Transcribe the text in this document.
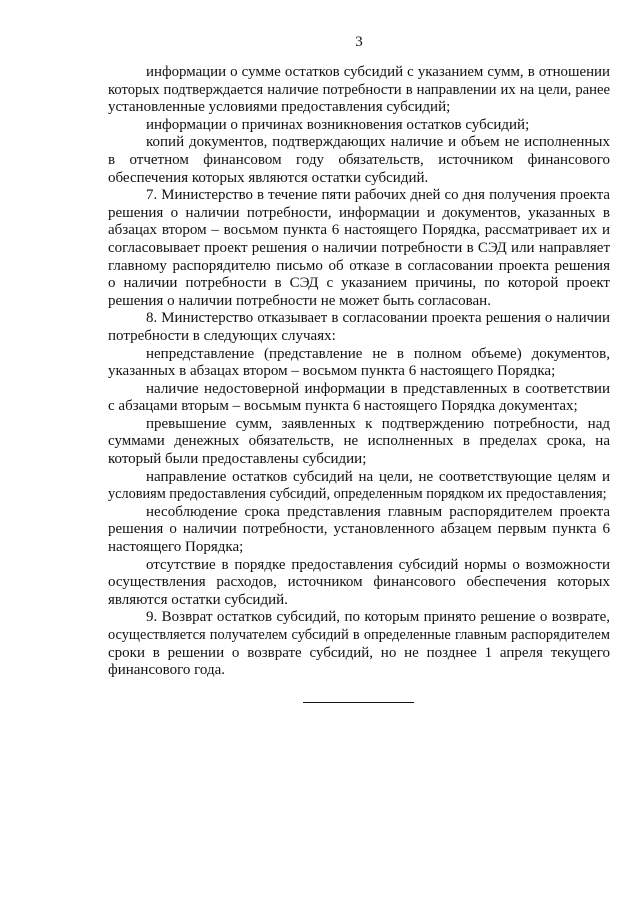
3
информации о сумме остатков субсидий с указанием сумм, в отношении
которых подтверждается наличие потребности в направлении их на цели, ранее
установленные условиями предоставления субсидий;
информации о причинах возникновения остатков субсидий;
копий документов, подтверждающих наличие и объем не исполненных
в отчетном финансовом году обязательств, источником финансового
обеспечения которых являются остатки субсидий.
7. Министерство в течение пяти рабочих дней со дня получения проекта
решения о наличии потребности, информации и документов, указанных в
абзацах втором – восьмом пункта 6 настоящего Порядка, рассматривает их и
согласовывает проект решения о наличии потребности в СЭД или направляет
главному распорядителю письмо об отказе в согласовании проекта решения
о наличии потребности в СЭД с указанием причины, по которой проект
решения о наличии потребности не может быть согласован.
8. Министерство отказывает в согласовании проекта решения о наличии
потребности в следующих случаях:
непредставление (представление не в полном объеме) документов,
указанных в абзацах втором – восьмом пункта 6 настоящего Порядка;
наличие недостоверной информации в представленных в соответствии
с абзацами вторым – восьмым пункта 6 настоящего Порядка документах;
превышение сумм, заявленных к подтверждению потребности, над
суммами денежных обязательств, не исполненных в пределах срока, на
который были предоставлены субсидии;
направление остатков субсидий на цели, не соответствующие целям и
условиям предоставления субсидий, определенным порядком их предоставления;
несоблюдение срока представления главным распорядителем проекта
решения о наличии потребности, установленного абзацем первым пункта 6
настоящего Порядка;
отсутствие в порядке предоставления субсидий нормы о возможности
осуществления расходов, источником финансового обеспечения которых
являются остатки субсидий.
9. Возврат остатков субсидий, по которым принято решение о возврате,
осуществляется получателем субсидий в определенные главным распорядителем
сроки в решении о возврате субсидий, но не позднее 1 апреля текущего
финансового года.
